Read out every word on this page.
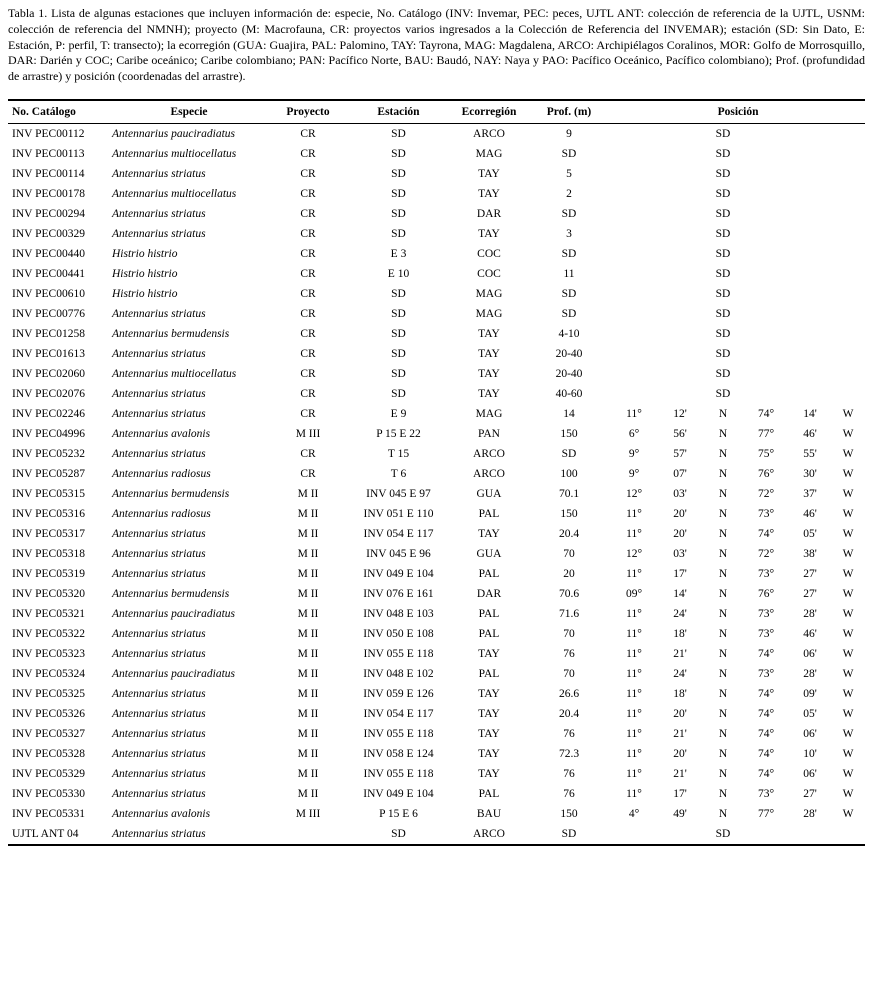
Tabla 1. Lista de algunas estaciones que incluyen información de: especie, No. Catálogo (INV: Invemar, PEC: peces, UJTL ANT: colección de referencia de la UJTL, USNM: colección de referencia del NMNH); proyecto (M: Macrofauna, CR: proyectos varios ingresados a la Colección de Referencia del INVEMAR); estación (SD: Sin Dato, E: Estación, P: perfil, T: transecto); la ecorregión (GUA: Guajira, PAL: Palomino, TAY: Tayrona, MAG: Magdalena, ARCO: Archipiélagos Coralinos, MOR: Golfo de Morrosquillo, DAR: Darién y COC; Caribe oceánico; Caribe colombiano; PAN: Pacífico Norte, BAU: Baudó, NAY: Naya y PAO: Pacífico Oceánico, Pacífico colombiano); Prof. (profundidad de arrastre) y posición (coordenadas del arrastre).

No. Catálogo	Especie	Proyecto	Estación	Ecorregión	Prof. (m)	Posición					
INV PEC00112	Antennarius pauciradiatus	CR	SD	ARCO	9			SD			
INV PEC00113	Antennarius multiocellatus	CR	SD	MAG	SD			SD			
INV PEC00114	Antennarius striatus	CR	SD	TAY	5			SD			
INV PEC00178	Antennarius multiocellatus	CR	SD	TAY	2			SD			
INV PEC00294	Antennarius striatus	CR	SD	DAR	SD			SD			
INV PEC00329	Antennarius striatus	CR	SD	TAY	3			SD			
INV PEC00440	Histrio histrio	CR	E 3	COC	SD			SD			
INV PEC00441	Histrio histrio	CR	E 10	COC	11			SD			
INV PEC00610	Histrio histrio	CR	SD	MAG	SD			SD			
INV PEC00776	Antennarius striatus	CR	SD	MAG	SD			SD			
INV PEC01258	Antennarius bermudensis	CR	SD	TAY	4-10			SD			
INV PEC01613	Antennarius striatus	CR	SD	TAY	20-40			SD			
INV PEC02060	Antennarius multiocellatus	CR	SD	TAY	20-40			SD			
INV PEC02076	Antennarius striatus	CR	SD	TAY	40-60			SD			
INV PEC02246	Antennarius striatus	CR	E 9	MAG	14	11°	12'	N	74°	14'	W
INV PEC04996	Antennarius avalonis	M III	P 15 E 22	PAN	150	6°	56'	N	77°	46'	W
INV PEC05232	Antennarius striatus	CR	T 15	ARCO	SD	9°	57'	N	75°	55'	W
INV PEC05287	Antennarius radiosus	CR	T 6	ARCO	100	9°	07'	N	76°	30'	W
INV PEC05315	Antennarius bermudensis	M II	INV 045 E 97	GUA	70.1	12°	03'	N	72°	37'	W
INV PEC05316	Antennarius radiosus	M II	INV 051 E 110	PAL	150	11°	20'	N	73°	46'	W
INV PEC05317	Antennarius striatus	M II	INV 054 E 117	TAY	20.4	11°	20'	N	74°	05'	W
INV PEC05318	Antennarius striatus	M II	INV 045 E 96	GUA	70	12°	03'	N	72°	38'	W
INV PEC05319	Antennarius striatus	M II	INV 049 E 104	PAL	20	11°	17'	N	73°	27'	W
INV PEC05320	Antennarius bermudensis	M II	INV 076 E 161	DAR	70.6	09°	14'	N	76°	27'	W
INV PEC05321	Antennarius pauciradiatus	M II	INV 048 E 103	PAL	71.6	11°	24'	N	73°	28'	W
INV PEC05322	Antennarius striatus	M II	INV 050 E 108	PAL	70	11°	18'	N	73°	46'	W
INV PEC05323	Antennarius striatus	M II	INV 055 E 118	TAY	76	11°	21'	N	74°	06'	W
INV PEC05324	Antennarius pauciradiatus	M II	INV 048 E 102	PAL	70	11°	24'	N	73°	28'	W
INV PEC05325	Antennarius striatus	M II	INV 059 E 126	TAY	26.6	11°	18'	N	74°	09'	W
INV PEC05326	Antennarius striatus	M II	INV 054 E 117	TAY	20.4	11°	20'	N	74°	05'	W
INV PEC05327	Antennarius striatus	M II	INV 055 E 118	TAY	76	11°	21'	N	74°	06'	W
INV PEC05328	Antennarius striatus	M II	INV 058 E 124	TAY	72.3	11°	20'	N	74°	10'	W
INV PEC05329	Antennarius striatus	M II	INV 055 E 118	TAY	76	11°	21'	N	74°	06'	W
INV PEC05330	Antennarius striatus	M II	INV 049 E 104	PAL	76	11°	17'	N	73°	27'	W
INV PEC05331	Antennarius avalonis	M III	P 15 E 6	BAU	150	4°	49'	N	77°	28'	W
UJTL ANT 04	Antennarius striatus		SD	ARCO	SD			SD			
